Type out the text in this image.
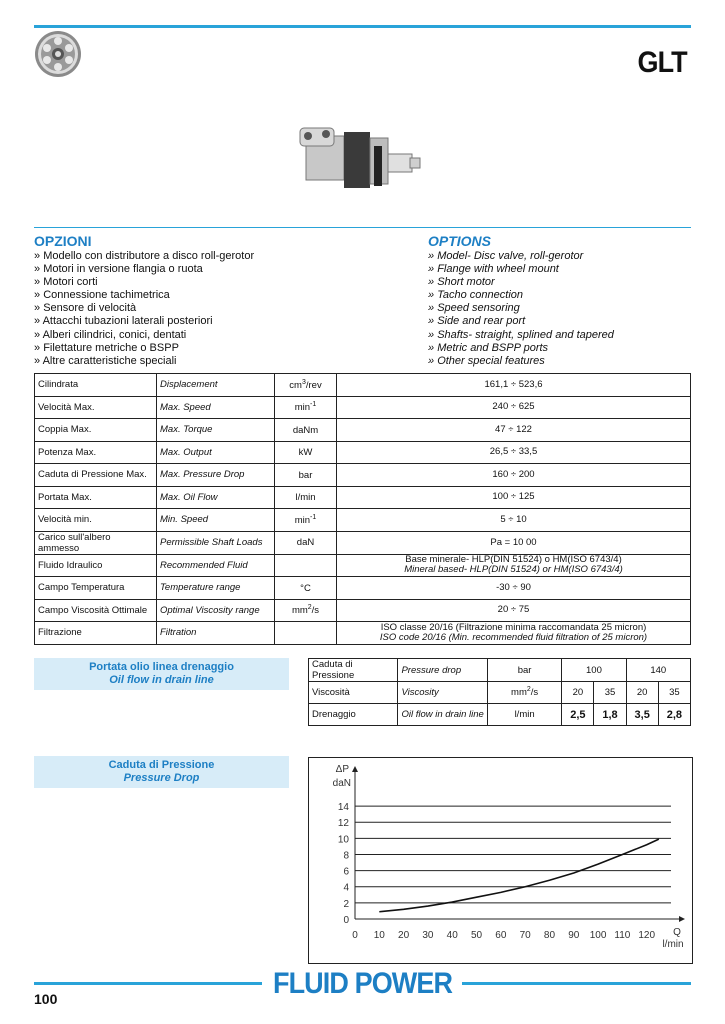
GLT
OPZIONI
» Modello con distributore a disco roll-gerotor
» Motori in versione flangia o ruota
» Motori corti
» Connessione tachimetrica
» Sensore di velocità
» Attacchi tubazioni laterali posteriori
» Alberi cilindrici, conici, dentati
» Filettature metriche o BSPP
» Altre caratteristiche speciali
OPTIONS
» Model- Disc valve, roll-gerotor
» Flange with wheel mount
» Short motor
» Tacho connection
» Speed sensoring
» Side and rear port
» Shafts- straight, splined and tapered
» Metric and BSPP ports
» Other special features
Cilindrata	Displacement	$cm^3$/rev	161,1 ÷ 523,6

Velocità Max.	Max. Speed	$\min^{-1}$	240 ÷ 625

Coppia Max.	Max. Torque	daNm	47 ÷ 122

Potenza Max.	Max. Output	kW	26,5 ÷ 33,5

Caduta di Pressione Max.	Max. Pressure Drop	bar	160 ÷ 200

Portata Max.	Max. Oil Flow	l/min	100 ÷ 125

Velocità min.	Min. Speed	$\min^{-1}$	5 ÷ 10

Carico sull'albero ammesso	Permissible Shaft Loads	daN	Pa = 10 00

Fluido Idraulico	Recommended Fluid		Base minerale- HLP(DIN 51524) o HM(ISO 6743/4)
Mineral based- HLP(DIN 51524) or HM(ISO 6743/4)

Campo Temperatura	Temperature range	°C	-30 ÷ 90

Campo Viscosità Ottimale	Optimal Viscosity range	$mm^2/s$	20 ÷ 75

Filtrazione	Filtration		ISO classe 20/16 (Filtrazione minima raccomandata 25 micron)
ISO code 20/16 (Min. recommended fluid filtration of 25 micron)
Portata olio linea drenaggio
Oil flow in drain line
Caduta di Pressione	Pressure drop	bar	100		140	
Viscosità	Viscosity	$mm^2/s$	20	35	20	35
Drenaggio	Oil flow in drain line	l/min	2,5	1,8	3,5	2,8
Caduta di Pressione
Pressure Drop
0
2
4
6
8
10
12
14
0 10 20 30 40 50 60 70 80 90 100 110 120
ΔP
daN
Q
l/min
FLUID POWER
100
